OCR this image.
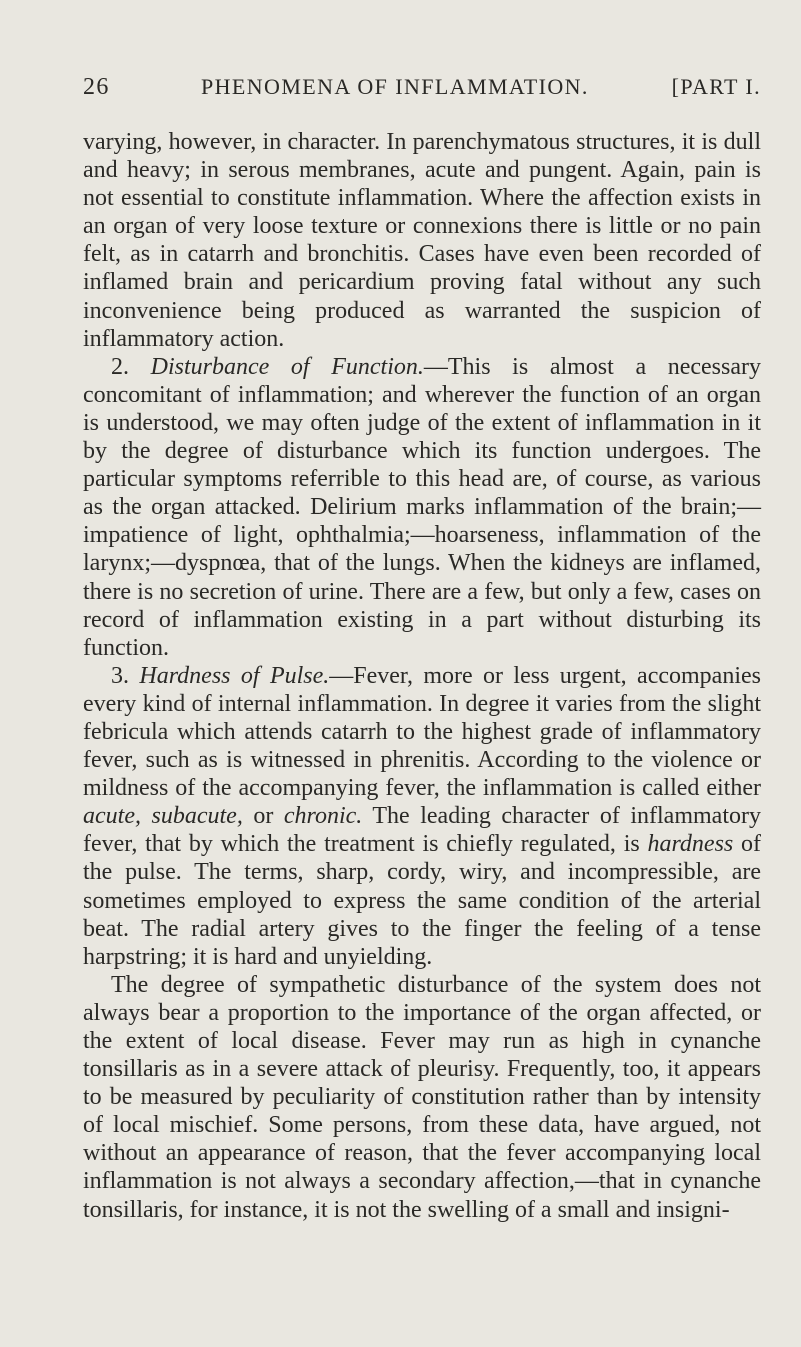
26	PHENOMENA OF INFLAMMATION.	[PART I.

varying, however, in character. In parenchymatous structures, it is dull and heavy; in serous membranes, acute and pungent. Again, pain is not essential to constitute inflammation. Where the affection exists in an organ of very loose texture or connexions there is little or no pain felt, as in catarrh and bronchitis. Cases have even been recorded of inflamed brain and pericardium proving fatal without any such inconvenience being produced as warranted the suspicion of inflammatory action.

2. Disturbance of Function.—This is almost a necessary concomitant of inflammation; and wherever the function of an organ is understood, we may often judge of the extent of inflammation in it by the degree of disturbance which its function undergoes. The particular symptoms referrible to this head are, of course, as various as the organ attacked. Delirium marks inflammation of the brain;—impatience of light, ophthalmia;—hoarseness, inflammation of the larynx;—dyspnœa, that of the lungs. When the kidneys are inflamed, there is no secretion of urine. There are a few, but only a few, cases on record of inflammation existing in a part without disturbing its function.

3. Hardness of Pulse.—Fever, more or less urgent, accompanies every kind of internal inflammation. In degree it varies from the slight febricula which attends catarrh to the highest grade of inflammatory fever, such as is witnessed in phrenitis. According to the violence or mildness of the accompanying fever, the inflammation is called either acute, subacute, or chronic. The leading character of inflammatory fever, that by which the treatment is chiefly regulated, is hardness of the pulse. The terms, sharp, cordy, wiry, and incompressible, are sometimes employed to express the same condition of the arterial beat. The radial artery gives to the finger the feeling of a tense harpstring; it is hard and unyielding.

The degree of sympathetic disturbance of the system does not always bear a proportion to the importance of the organ affected, or the extent of local disease. Fever may run as high in cynanche tonsillaris as in a severe attack of pleurisy. Frequently, too, it appears to be measured by peculiarity of constitution rather than by intensity of local mischief. Some persons, from these data, have argued, not without an appearance of reason, that the fever accompanying local inflammation is not always a secondary affection,—that in cynanche tonsillaris, for instance, it is not the swelling of a small and insigni-
